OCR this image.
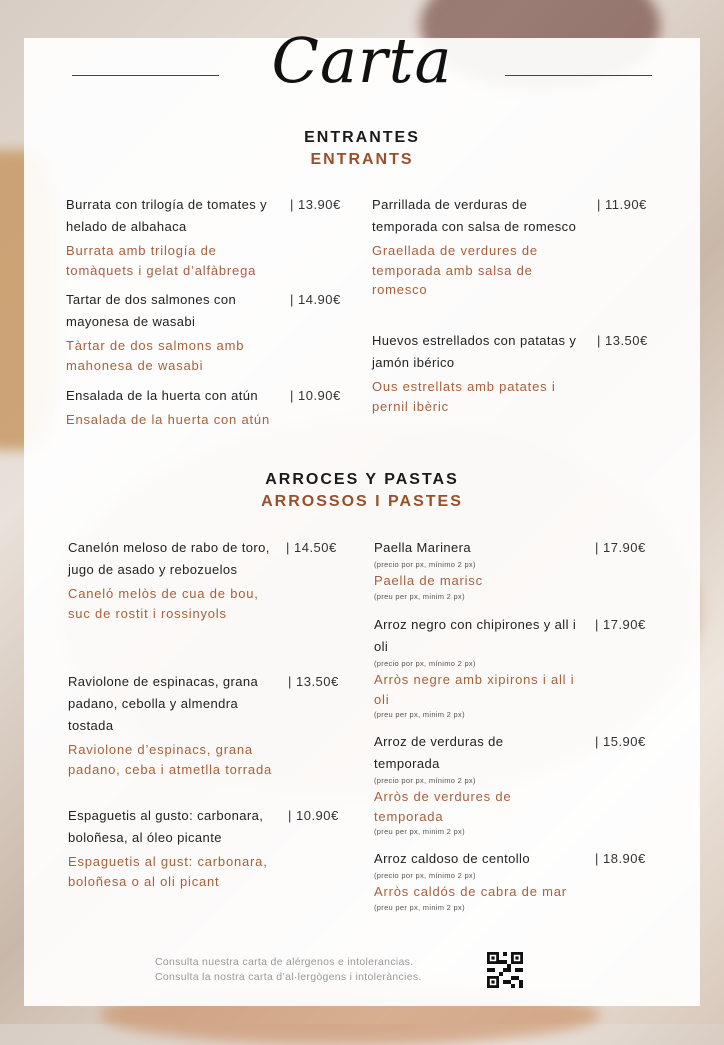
Carta
ENTRANTES
ENTRANTS
Burrata con trilogía de tomates y helado de albahaca
Burrata amb trilogía de tomàquets i gelat d’alfàbrega
| 13.90€
Tartar de dos salmones con mayonesa de wasabi
Tàrtar de dos salmons amb mahonesa de wasabi
| 14.90€
Ensalada de la huerta con atún
Ensalada de la huerta con atún
| 10.90€
Parrillada de verduras de temporada con salsa de romesco
Graellada de verdures de temporada amb salsa de romesco
| 11.90€
Huevos estrellados con patatas y jamón ibérico
Ous estrellats amb patates i pernil ibèric
| 13.50€
ARROCES Y PASTAS
ARROSSOS I PASTES
Canelón meloso de rabo de toro, jugo de asado y rebozuelos
Canelό melòs de cua de bou, suc de rostit i rossinyols
| 14.50€
Raviolone de espinacas, grana padano, cebolla y almendra tostada
Raviolone d’espinacs, grana padano, ceba i atmetlla torrada
| 13.50€
Espaguetis al gusto: carbonara, boloñesa, al óleo picante
Espaguetis al gust: carbonara, boloñesa o al oli picant
| 10.90€
Paella Marinera
(precio por px, mínimo 2 px)
Paella de marisc
(preu per px, minim 2 px)
| 17.90€
Arroz negro con chipirones y all i oli
(precio por px, mínimo 2 px)
Arròs negre amb xipirons i all i oli
(preu per px, minim 2 px)
| 17.90€
Arroz de verduras de temporada
(precio por px, mínimo 2 px)
Arròs de verdures de temporada
(preu per px, minim 2 px)
| 15.90€
Arroz caldoso de centollo
(precio por px, mínimo 2 px)
Arròs caldós de cabra de mar
(preu per px, minim 2 px)
| 18.90€
Consulta nuestra carta de alérgenos e intolerancias.
Consulta la nostra carta d’al·lergògens i intoleràncies.
